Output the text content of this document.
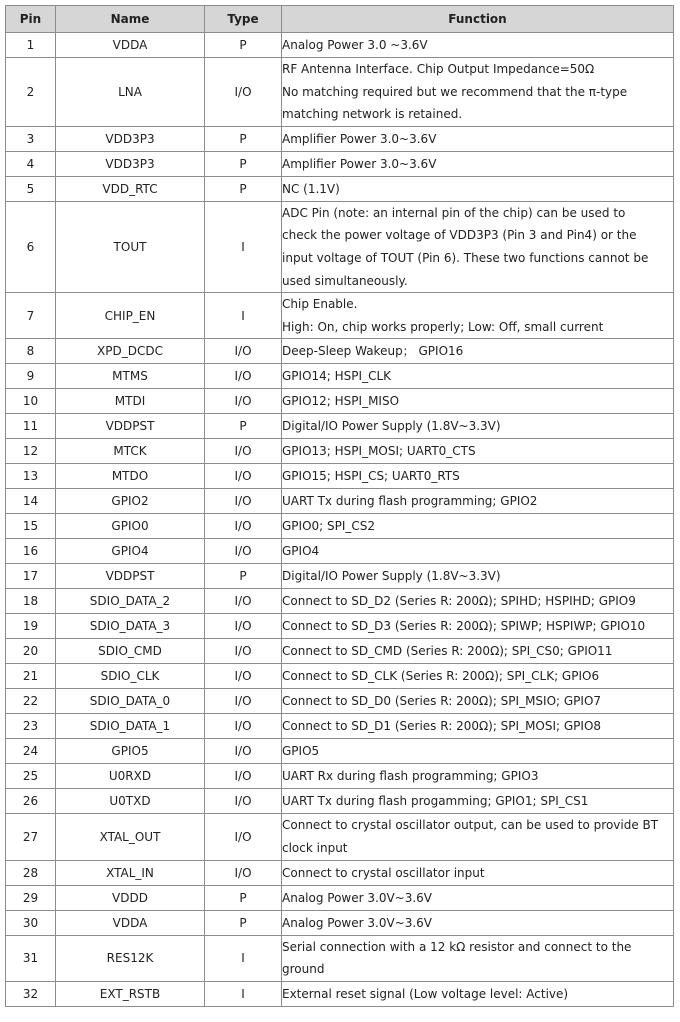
Pin	Name	Type	Function
1	VDDA	P	Analog Power 3.0 ~3.6V

2	LNA	I/O	RF Antenna Interface. Chip Output Impedance=50Ω
No matching required but we recommend that the π-type
matching network is retained.

3	VDD3P3	P	Amplifier Power 3.0~3.6V

4	VDD3P3	P	Amplifier Power 3.0~3.6V

5	VDD_RTC	P	NC (1.1V)

6	TOUT	I	ADC Pin (note: an internal pin of the chip) can be used to
check the power voltage of VDD3P3 (Pin 3 and Pin4) or the
input voltage of TOUT (Pin 6). These two functions cannot be
used simultaneously.

7	CHIP_EN	I	Chip Enable.
High: On, chip works properly; Low: Off, small current

8	XPD_DCDC	I/O	Deep-Sleep Wakeup； GPIO16

9	MTMS	I/O	GPIO14; HSPI_CLK

10	MTDI	I/O	GPIO12; HSPI_MISO

11	VDDPST	P	Digital/IO Power Supply (1.8V~3.3V)

12	MTCK	I/O	GPIO13; HSPI_MOSI; UART0_CTS

13	MTDO	I/O	GPIO15; HSPI_CS; UART0_RTS

14	GPIO2	I/O	UART Tx during flash programming; GPIO2

15	GPIO0	I/O	GPIO0; SPI_CS2

16	GPIO4	I/O	GPIO4

17	VDDPST	P	Digital/IO Power Supply (1.8V~3.3V)

18	SDIO_DATA_2	I/O	Connect to SD_D2 (Series R: 200Ω); SPIHD; HSPIHD; GPIO9

19	SDIO_DATA_3	I/O	Connect to SD_D3 (Series R: 200Ω); SPIWP; HSPIWP; GPIO10

20	SDIO_CMD	I/O	Connect to SD_CMD (Series R: 200Ω); SPI_CS0; GPIO11

21	SDIO_CLK	I/O	Connect to SD_CLK (Series R: 200Ω); SPI_CLK; GPIO6

22	SDIO_DATA_0	I/O	Connect to SD_D0 (Series R: 200Ω); SPI_MSIO; GPIO7

23	SDIO_DATA_1	I/O	Connect to SD_D1 (Series R: 200Ω); SPI_MOSI; GPIO8

24	GPIO5	I/O	GPIO5

25	U0RXD	I/O	UART Rx during flash programming; GPIO3

26	U0TXD	I/O	UART Tx during flash progamming; GPIO1; SPI_CS1

27	XTAL_OUT	I/O	Connect to crystal oscillator output, can be used to provide BT
clock input

28	XTAL_IN	I/O	Connect to crystal oscillator input

29	VDDD	P	Analog Power 3.0V~3.6V

30	VDDA	P	Analog Power 3.0V~3.6V

31	RES12K	I	Serial connection with a 12 kΩ resistor and connect to the
ground

32	EXT_RSTB	I	External reset signal (Low voltage level: Active)
